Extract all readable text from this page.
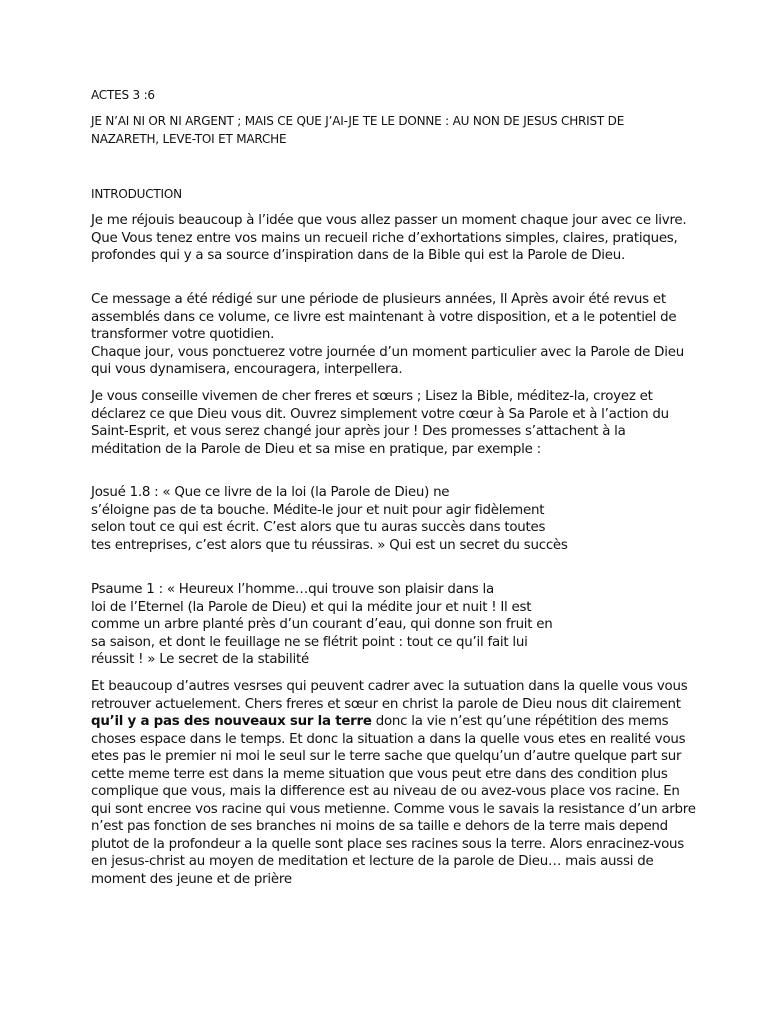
ACTES 3 :6
JE N’AI NI OR NI ARGENT ; MAIS CE QUE J’AI-JE TE LE DONNE : AU NON DE JESUS CHRIST DE
NAZARETH, LEVE-TOI ET MARCHE
INTRODUCTION
Je me réjouis beaucoup à l’idée que vous allez passer un moment chaque jour avec ce livre.
Que Vous tenez entre vos mains un recueil riche d’exhortations simples, claires, pratiques,
profondes qui y a sa source d’inspiration dans de la Bible qui est la Parole de Dieu.
Ce message a été rédigé sur une période de plusieurs années, Il Après avoir été revus et
assemblés dans ce volume, ce livre est maintenant à votre disposition, et a le potentiel de
transformer votre quotidien.
Chaque jour, vous ponctuerez votre journée d’un moment particulier avec la Parole de Dieu
qui vous dynamisera, encouragera, interpellera.
Je vous conseille vivemen de cher freres et sœurs ; Lisez la Bible, méditez-la, croyez et
déclarez ce que Dieu vous dit. Ouvrez simplement votre cœur à Sa Parole et à l’action du
Saint-Esprit, et vous serez changé jour après jour ! Des promesses s’attachent à la
méditation de la Parole de Dieu et sa mise en pratique, par exemple :
Josué 1.8 : « Que ce livre de la loi (la Parole de Dieu) ne
s’éloigne pas de ta bouche. Médite-le jour et nuit pour agir fidèlement
selon tout ce qui est écrit. C’est alors que tu auras succès dans toutes
tes entreprises, c’est alors que tu réussiras. » Qui est un secret du succès
Psaume 1 : « Heureux l’homme…qui trouve son plaisir dans la
loi de l’Eternel (la Parole de Dieu) et qui la médite jour et nuit ! Il est
comme un arbre planté près d’un courant d’eau, qui donne son fruit en
sa saison, et dont le feuillage ne se flétrit point : tout ce qu’il fait lui
réussit ! » Le secret de la stabilité
Et beaucoup d’autres vesrses qui peuvent cadrer avec la sutuation dans la quelle vous vous
retrouver actuelement. Chers freres et sœur en christ la parole de Dieu nous dit clairement
qu’il y a pas des nouveaux sur la terre donc la vie n’est qu’une répétition des mems
choses espace dans le temps. Et donc la situation a dans la quelle vous etes en realité vous
etes pas le premier ni moi le seul sur le terre sache que quelqu’un d’autre quelque part sur
cette meme terre est dans la meme situation que vous peut etre dans des condition plus
complique que vous, mais la difference est au niveau de ou avez-vous place vos racine. En
qui sont encree vos racine qui vous metienne. Comme vous le savais la resistance d’un arbre
n’est pas fonction de ses branches ni moins de sa taille e dehors de la terre mais depend
plutot de la profondeur a la quelle sont place ses racines sous la terre. Alors enracinez-vous
en jesus-christ au moyen de meditation et lecture de la parole de Dieu… mais aussi de
moment des jeune et de prière
